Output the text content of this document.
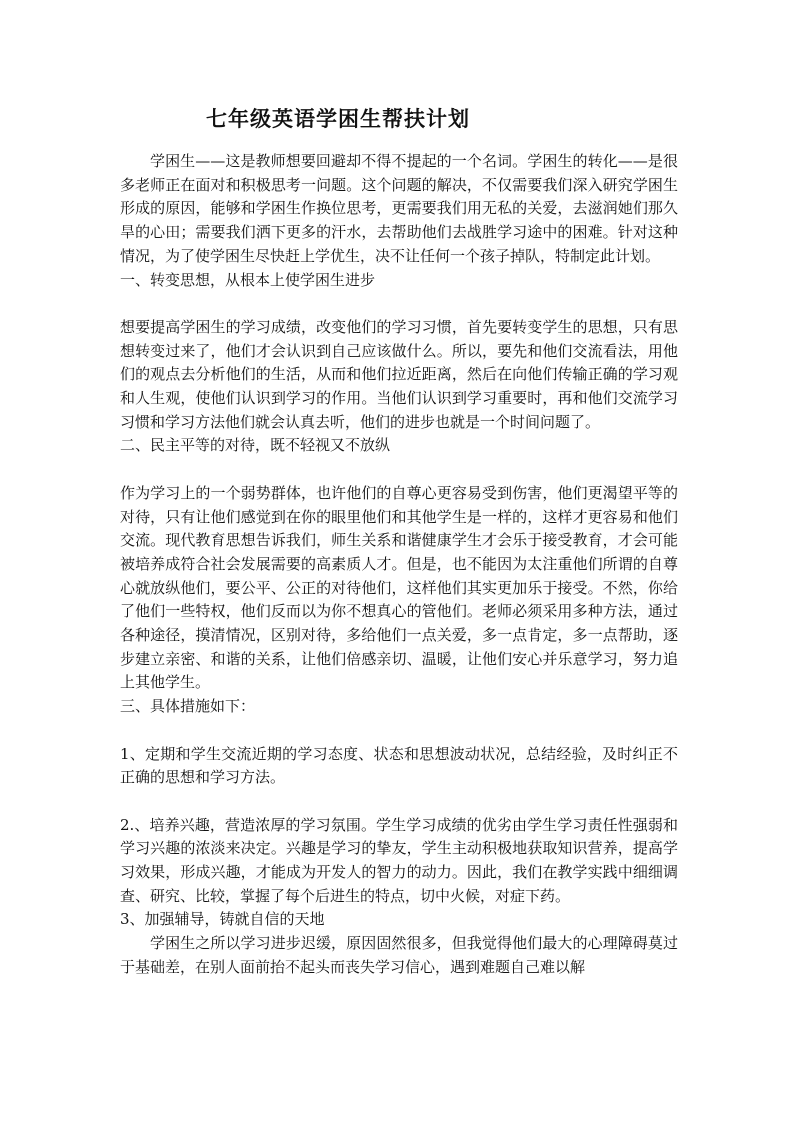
七年级英语学困生帮扶计划

学困生——这是教师想要回避却不得不提起的一个名词。学困生的转化——是很多老师正在面对和积极思考一问题。这个问题的解决，不仅需要我们深入研究学困生形成的原因，能够和学困生作换位思考，更需要我们用无私的关爱，去滋润她们那久旱的心田；需要我们洒下更多的汗水，去帮助他们去战胜学习途中的困难。针对这种情况，为了使学困生尽快赶上学优生，决不让任何一个孩子掉队，特制定此计划。

一、转变思想，从根本上使学困生进步

想要提高学困生的学习成绩，改变他们的学习习惯，首先要转变学生的思想，只有思想转变过来了，他们才会认识到自己应该做什么。所以，要先和他们交流看法，用他们的观点去分析他们的生活，从而和他们拉近距离，然后在向他们传输正确的学习观和人生观，使他们认识到学习的作用。当他们认识到学习重要时，再和他们交流学习习惯和学习方法他们就会认真去听，他们的进步也就是一个时间问题了。

二、民主平等的对待，既不轻视又不放纵

作为学习上的一个弱势群体，也许他们的自尊心更容易受到伤害，他们更渴望平等的对待，只有让他们感觉到在你的眼里他们和其他学生是一样的，这样才更容易和他们交流。现代教育思想告诉我们，师生关系和谐健康学生才会乐于接受教育，才会可能被培养成符合社会发展需要的高素质人才。但是，也不能因为太注重他们所谓的自尊心就放纵他们，要公平、公正的对待他们，这样他们其实更加乐于接受。不然，你给了他们一些特权，他们反而以为你不想真心的管他们。老师必须采用多种方法，通过各种途径，摸清情况，区别对待，多给他们一点关爱，多一点肯定，多一点帮助，逐步建立亲密、和谐的关系，让他们倍感亲切、温暖，让他们安心并乐意学习，努力追上其他学生。

三、具体措施如下：

1、定期和学生交流近期的学习态度、状态和思想波动状况，总结经验，及时纠正不正确的思想和学习方法。

2.、培养兴趣，营造浓厚的学习氛围。学生学习成绩的优劣由学生学习责任性强弱和学习兴趣的浓淡来决定。兴趣是学习的挚友，学生主动积极地获取知识营养，提高学习效果，形成兴趣，才能成为开发人的智力的动力。因此，我们在教学实践中细细调查、研究、比较，掌握了每个后进生的特点，切中火候，对症下药。

3、加强辅导，铸就自信的天地

学困生之所以学习进步迟缓，原因固然很多，但我觉得他们最大的心理障碍莫过于基础差，在别人面前抬不起头而丧失学习信心，遇到难题自己难以解
